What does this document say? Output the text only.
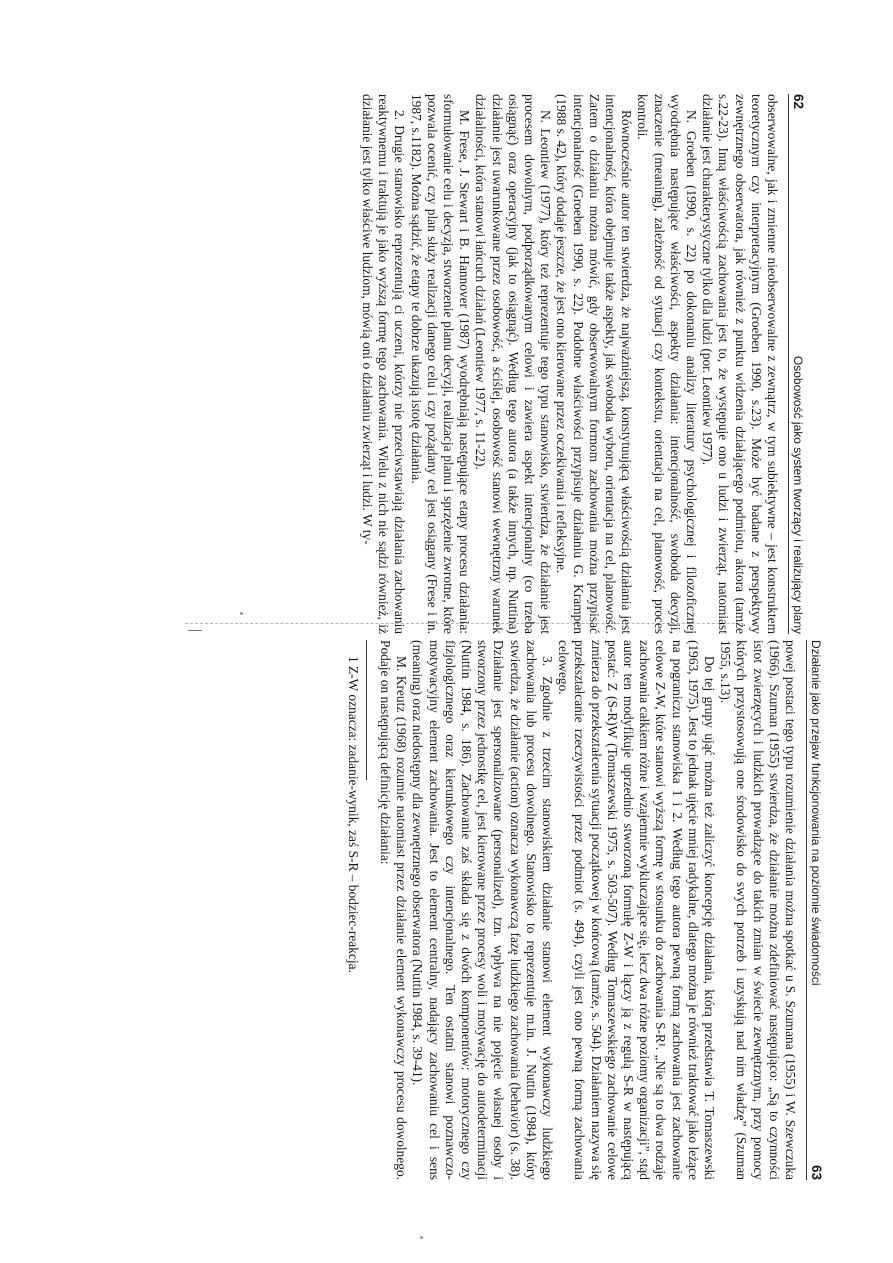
62
Osobowość jako system tworzący i realizujący plany

obserwowalne, jak i zmienne nieobserwowalne z zewnątrz, w tym subiektywne – jest konstruktem teoretycznym czy interpretacyjnym (Groeben 1990, s.23). Może być badane z perspektywy zewnętrznego obserwatora, jak również z punktu widzenia działającego podmiotu, aktora (tamże s.22-23). Inną właściwością zachowania jest to, że występuje ono u ludzi i zwierząt, natomiast działanie jest charakterystyczne tylko dla ludzi (por. Leontiew 1977).

N. Groeben (1990, s. 22) po dokonaniu analizy literatury psychologicznej i filozoficznej wyodrębnia następujące właściwości, aspekty działania: intencjonalność, swoboda decyzji, znaczenie (meaning), zależność od sytuacji czy kontekstu, orientacja na cel, planowość, proces kontroli.

Równocześnie autor ten stwierdza, że najważniejszą, konstytuującą właściwością działania jest intencjonalność, która obejmuje także aspekty, jak swoboda wyboru, orientacja na cel, planowość. Zatem o działaniu można mówić, gdy obserwowalnym formom zachowania można przypisać intencjonalność (Groeben 1990, s. 22). Podobne właściwości przypisuje działaniu G. Krampen (1988 s. 42), który dodaje jeszcze, że jest ono kierowane przez oczekiwania i refleksyjne.

N. Leontiew (1977), który też reprezentuje tego typu stanowisko, stwierdza, że działanie jest procesem dowolnym, podporządkowanym celowi i zawiera aspekt intencjonalny (co trzeba osiągnąć) oraz operacyjny (jak to osiągnąć). Według tego autora (a także innych, np. Nuttina) działanie jest uwarunkowane przez osobowość, a ściślej, osobowość stanowi wewnętrzny warunek działalności, która stanowi łańcuch działań (Leontiew 1977, s. 11-22).

M. Frese, J. Stewart i B. Hannover (1987) wyodrębniają następujące etapy procesu działania: sformułowanie celu i decyzja, stworzenie planu decyzji, realizacja planu i sprzężenie zwrotne, które pozwala ocenić, czy plan służy realizacji danego celu i czy pożądany cel jest osiągany (Frese i in. 1987, s.1182). Można sądzić, że etapy te dobrze ukazują istotę działania.

2. Drugie stanowisko reprezentują ci uczeni, którzy nie przeciwstawiają działania zachowaniu reaktywnemu i traktują je jako wyższą formę tego zachowania. Wielu z nich nie sądzi również, iż działanie jest tylko właściwe ludziom, mówią oni o działaniu zwierząt i ludzi. W ty-

Działanie jako przejaw funkcjonowania na poziomie świadomości
63

powej postaci tego typu rozumienie działania można spotkać u S. Szumana (1955) i W. Szewczuka (1966). Szuman (1955) stwierdza, że działanie można zdefiniować następująco: „Są to czynności istot zwierzęcych i ludzkich prowadzące do takich zmian w świecie zewnętrznym, przy pomocy których przystosowują one środowisko do swych potrzeb i uzyskują nad nim władzę” (Szuman 1955, s.13).

Do tej grupy ująć można też zaliczyć koncepcję działania, którą przedstawia T. Tomaszewski (1963, 1975). Jest to jednak ujęcie mniej radykalne, dlatego można je również traktować jako leżące na pograniczu stanowiska 1 i 2. Według tego autora pewną formą zachowania jest zachowanie celowe Z-W, które stanowi wyższą formę w stosunku do zachowania S-R¹. „Nie są to dwa rodzaje zachowania całkiem różne i wzajemnie wykluczające się, lecz dwa różne poziomy organizacji”, stąd autor ten modyfikuje uprzednio stworzoną formułę Z-W i łączy ją z regułą S-R w następującą postać: Z (S-R)W (Tomaszewski 1975, s. 503-507). Według Tomaszewskiego zachowanie celowe zmierza do przekształcenia sytuacji początkowej w końcową (tamże, s. 504). Działaniem nazywa się przekształcanie rzeczywistości przez podmiot (s. 494), czyli jest ono pewną formą zachowania celowego.

3. Zgodnie z trzecim stanowiskiem działanie stanowi element wykonawczy ludzkiego zachowania lub procesu dowolnego. Stanowisko to reprezentuje m.in. J. Nuttin (1984), który stwierdza, że działanie (action) oznacza wykonawczą fazę ludzkiego zachowania (behavior) (s. 38). Działanie jest spersonalizowane (personalized), tzn. wpływa na nie pojęcie własnej osoby i stworzony przez jednostkę cel, jest kierowane przez procesy woli i motywację do autodeterminacji (Nuttin 1984, s. 186). Zachowanie zaś składa się z dwóch komponentów: motorycznego czy fizjologicznego oraz kierunkowego czy intencjonalnego. Ten ostatni stanowi poznawczo-motywacyjny element zachowania. Jest to element centralny, nadający zachowaniu cel i sens (meaning) oraz niedostępny dla zewnętrznego obserwatora (Nuttin 1984, s. 39-41).

M. Kreutz (1968) rozumie natomiast przez działanie element wykonawczy procesu dowolnego. Podaje on następującą definicję działania:

1 Z-W oznacza: zadanie-wynik, zaś S-R – bodziec-reakcja.
